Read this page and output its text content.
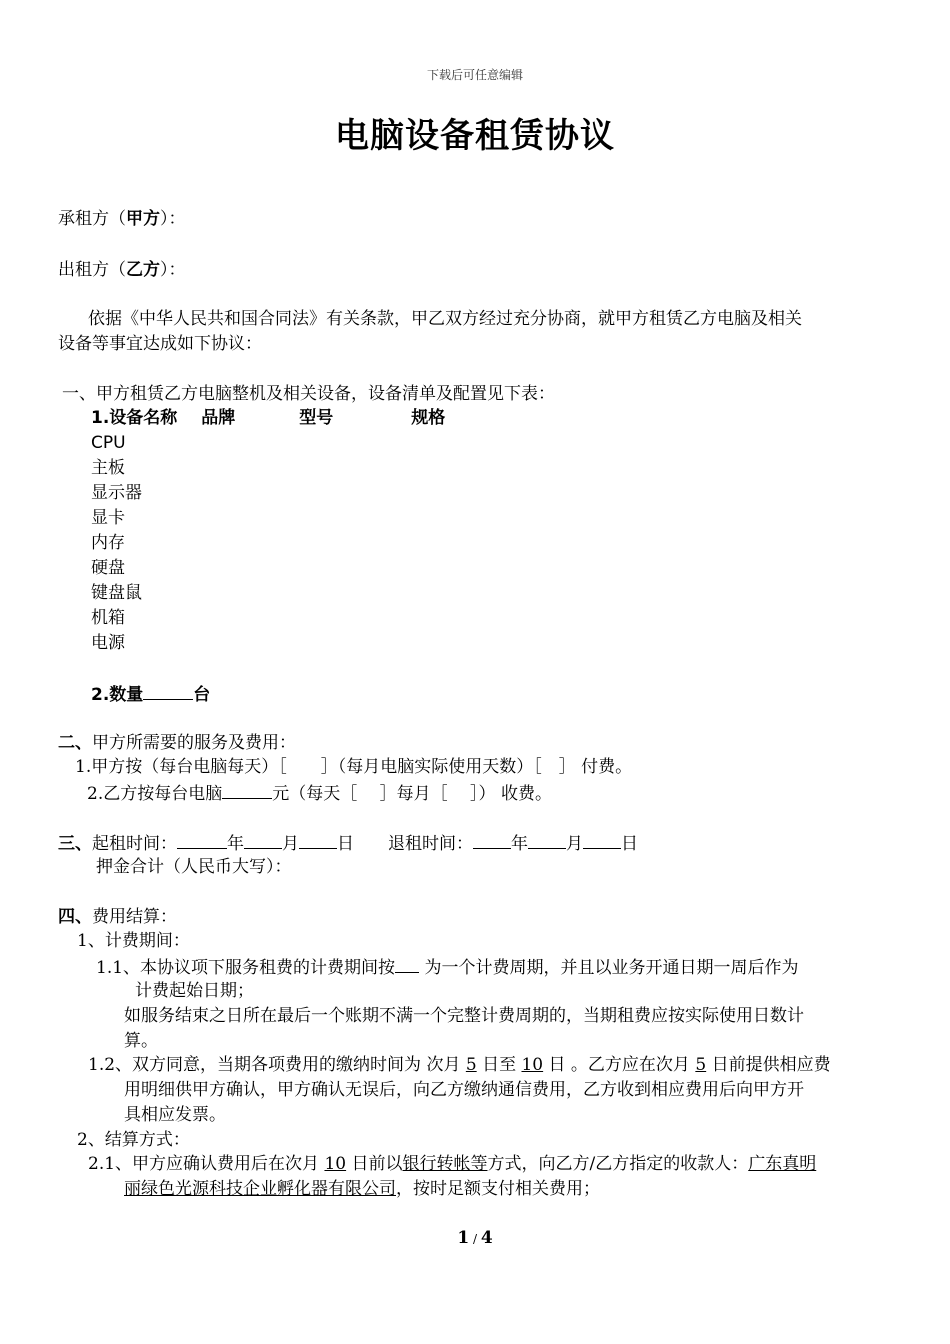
下载后可任意编辑
电脑设备租赁协议
承租方（甲方）：
出租方（乙方）：
依据《中华人民共和国合同法》有关条款，甲乙双方经过充分协商，就甲方租赁乙方电脑及相关
设备等事宜达成如下协议：
一、甲方租赁乙方电脑整机及相关设备，设备清单及配置见下表：
1.设备名称 品牌	型号	规格
CPU
主板
显示器
显卡
内存
硬盘
键盘鼠
机箱
电源
2.数量	台
二、甲方所需要的服务及费用：
1.甲方按（每台电脑每天）［　　］（每月电脑实际使用天数）［　］ 付费。
2.乙方按每台电脑	元（每天［　 ］每月［　 ］） 收费。
三、起租时间：	年 月 日 退租时间： 年 月 日
押金合计（人民币大写）：
四、费用结算：
1、计费期间：
1.1、本协议项下服务租费的计费期间按 为一个计费周期，并且以业务开通日期一周后作为
计费起始日期；
如服务结束之日所在最后一个账期不满一个完整计费周期的，当期租费应按实际使用日数计
算。
1.2、双方同意，当期各项费用的缴纳时间为 次月 5 日至 10 日 。乙方应在次月 5 日前提供相应费
用明细供甲方确认，甲方确认无误后，向乙方缴纳通信费用，乙方收到相应费用后向甲方开
具相应发票。
2、结算方式：
2.1、甲方应确认费用后在次月 10 日前以银行转帐等方式，向乙方/乙方指定的收款人：广东真明
丽绿色光源科技企业孵化器有限公司，按时足额支付相关费用；
1 / 4
